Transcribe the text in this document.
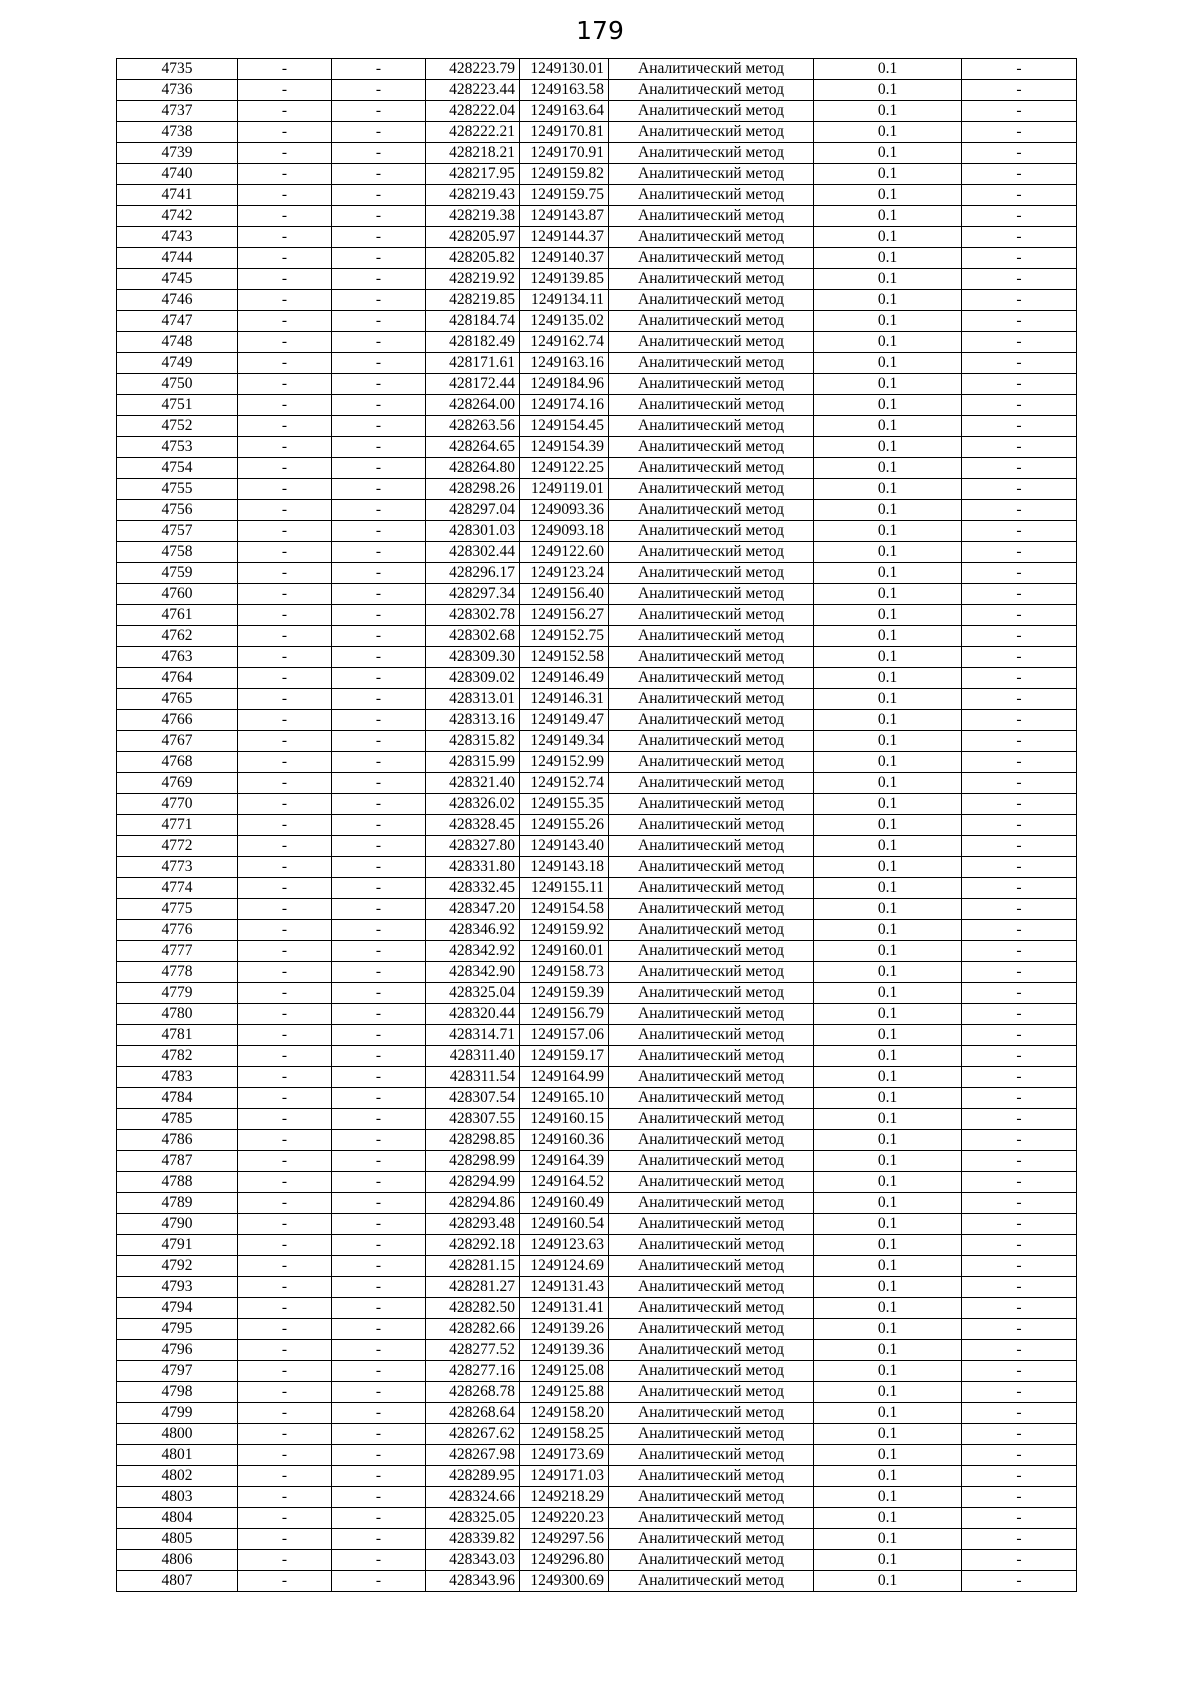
179
4735	-	-	428223.79	1249130.01	Аналитический метод	0.1	-
4736	-	-	428223.44	1249163.58	Аналитический метод	0.1	-
4737	-	-	428222.04	1249163.64	Аналитический метод	0.1	-
4738	-	-	428222.21	1249170.81	Аналитический метод	0.1	-
4739	-	-	428218.21	1249170.91	Аналитический метод	0.1	-
4740	-	-	428217.95	1249159.82	Аналитический метод	0.1	-
4741	-	-	428219.43	1249159.75	Аналитический метод	0.1	-
4742	-	-	428219.38	1249143.87	Аналитический метод	0.1	-
4743	-	-	428205.97	1249144.37	Аналитический метод	0.1	-
4744	-	-	428205.82	1249140.37	Аналитический метод	0.1	-
4745	-	-	428219.92	1249139.85	Аналитический метод	0.1	-
4746	-	-	428219.85	1249134.11	Аналитический метод	0.1	-
4747	-	-	428184.74	1249135.02	Аналитический метод	0.1	-
4748	-	-	428182.49	1249162.74	Аналитический метод	0.1	-
4749	-	-	428171.61	1249163.16	Аналитический метод	0.1	-
4750	-	-	428172.44	1249184.96	Аналитический метод	0.1	-
4751	-	-	428264.00	1249174.16	Аналитический метод	0.1	-
4752	-	-	428263.56	1249154.45	Аналитический метод	0.1	-
4753	-	-	428264.65	1249154.39	Аналитический метод	0.1	-
4754	-	-	428264.80	1249122.25	Аналитический метод	0.1	-
4755	-	-	428298.26	1249119.01	Аналитический метод	0.1	-
4756	-	-	428297.04	1249093.36	Аналитический метод	0.1	-
4757	-	-	428301.03	1249093.18	Аналитический метод	0.1	-
4758	-	-	428302.44	1249122.60	Аналитический метод	0.1	-
4759	-	-	428296.17	1249123.24	Аналитический метод	0.1	-
4760	-	-	428297.34	1249156.40	Аналитический метод	0.1	-
4761	-	-	428302.78	1249156.27	Аналитический метод	0.1	-
4762	-	-	428302.68	1249152.75	Аналитический метод	0.1	-
4763	-	-	428309.30	1249152.58	Аналитический метод	0.1	-
4764	-	-	428309.02	1249146.49	Аналитический метод	0.1	-
4765	-	-	428313.01	1249146.31	Аналитический метод	0.1	-
4766	-	-	428313.16	1249149.47	Аналитический метод	0.1	-
4767	-	-	428315.82	1249149.34	Аналитический метод	0.1	-
4768	-	-	428315.99	1249152.99	Аналитический метод	0.1	-
4769	-	-	428321.40	1249152.74	Аналитический метод	0.1	-
4770	-	-	428326.02	1249155.35	Аналитический метод	0.1	-
4771	-	-	428328.45	1249155.26	Аналитический метод	0.1	-
4772	-	-	428327.80	1249143.40	Аналитический метод	0.1	-
4773	-	-	428331.80	1249143.18	Аналитический метод	0.1	-
4774	-	-	428332.45	1249155.11	Аналитический метод	0.1	-
4775	-	-	428347.20	1249154.58	Аналитический метод	0.1	-
4776	-	-	428346.92	1249159.92	Аналитический метод	0.1	-
4777	-	-	428342.92	1249160.01	Аналитический метод	0.1	-
4778	-	-	428342.90	1249158.73	Аналитический метод	0.1	-
4779	-	-	428325.04	1249159.39	Аналитический метод	0.1	-
4780	-	-	428320.44	1249156.79	Аналитический метод	0.1	-
4781	-	-	428314.71	1249157.06	Аналитический метод	0.1	-
4782	-	-	428311.40	1249159.17	Аналитический метод	0.1	-
4783	-	-	428311.54	1249164.99	Аналитический метод	0.1	-
4784	-	-	428307.54	1249165.10	Аналитический метод	0.1	-
4785	-	-	428307.55	1249160.15	Аналитический метод	0.1	-
4786	-	-	428298.85	1249160.36	Аналитический метод	0.1	-
4787	-	-	428298.99	1249164.39	Аналитический метод	0.1	-
4788	-	-	428294.99	1249164.52	Аналитический метод	0.1	-
4789	-	-	428294.86	1249160.49	Аналитический метод	0.1	-
4790	-	-	428293.48	1249160.54	Аналитический метод	0.1	-
4791	-	-	428292.18	1249123.63	Аналитический метод	0.1	-
4792	-	-	428281.15	1249124.69	Аналитический метод	0.1	-
4793	-	-	428281.27	1249131.43	Аналитический метод	0.1	-
4794	-	-	428282.50	1249131.41	Аналитический метод	0.1	-
4795	-	-	428282.66	1249139.26	Аналитический метод	0.1	-
4796	-	-	428277.52	1249139.36	Аналитический метод	0.1	-
4797	-	-	428277.16	1249125.08	Аналитический метод	0.1	-
4798	-	-	428268.78	1249125.88	Аналитический метод	0.1	-
4799	-	-	428268.64	1249158.20	Аналитический метод	0.1	-
4800	-	-	428267.62	1249158.25	Аналитический метод	0.1	-
4801	-	-	428267.98	1249173.69	Аналитический метод	0.1	-
4802	-	-	428289.95	1249171.03	Аналитический метод	0.1	-
4803	-	-	428324.66	1249218.29	Аналитический метод	0.1	-
4804	-	-	428325.05	1249220.23	Аналитический метод	0.1	-
4805	-	-	428339.82	1249297.56	Аналитический метод	0.1	-
4806	-	-	428343.03	1249296.80	Аналитический метод	0.1	-
4807	-	-	428343.96	1249300.69	Аналитический метод	0.1	-
